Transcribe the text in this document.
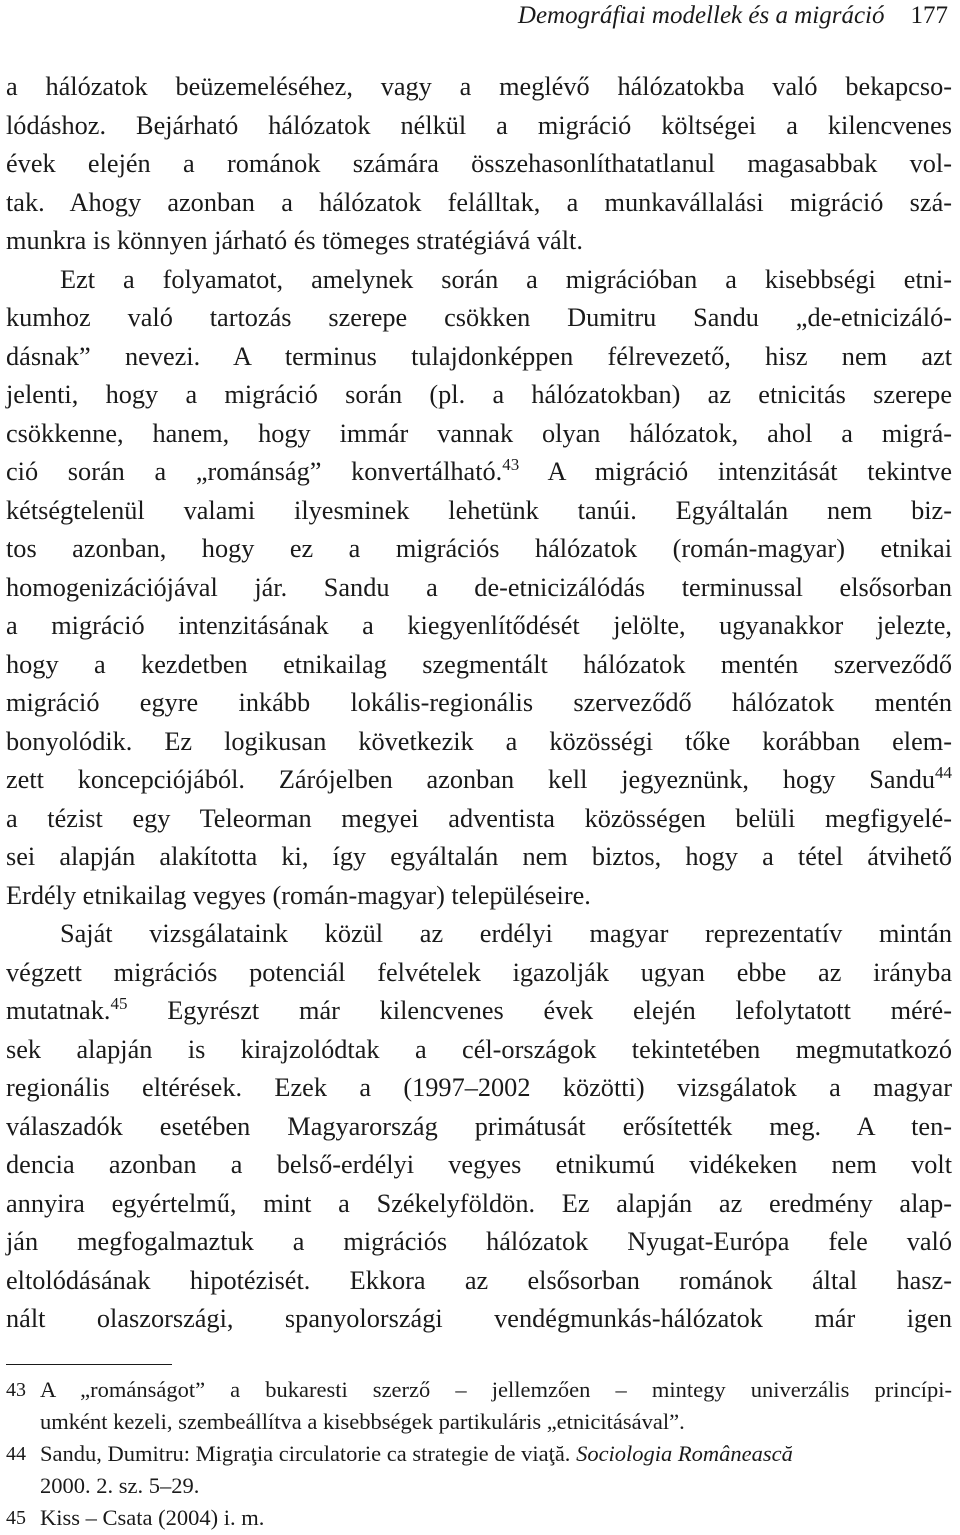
Demográfiai modellek és a migráció 177
a hálózatok beüzemeléséhez, vagy a meglévő hálózatokba való bekapcso-
lódáshoz. Bejárható hálózatok nélkül a migráció költségei a kilencvenes
évek elején a románok számára összehasonlíthatatlanul magasabbak vol-
tak. Ahogy azonban a hálózatok felálltak, a munkavállalási migráció szá-
munkra is könnyen járható és tömeges stratégiává vált.
Ezt a folyamatot, amelynek során a migrációban a kisebbségi etni-
kumhoz való tartozás szerepe csökken Dumitru Sandu „de-etnicizáló-
dásnak” nevezi. A terminus tulajdonképpen félrevezető, hisz nem azt
jelenti, hogy a migráció során (pl. a hálózatokban) az etnicitás szerepe
csökkenne, hanem, hogy immár vannak olyan hálózatok, ahol a migrá-
ció során a „románság” konvertálható.$^{43}$ A migráció intenzitását tekintve
kétségtelenül valami ilyesminek lehetünk tanúi. Egyáltalán nem biz-
tos azonban, hogy ez a migrációs hálózatok (román-magyar) etnikai
homogenizációjával jár. Sandu a de-etnicizálódás terminussal elsősorban
a migráció intenzitásának a kiegyenlítődését jelölte, ugyanakkor jelezte,
hogy a kezdetben etnikailag szegmentált hálózatok mentén szerveződő
migráció egyre inkább lokális-regionális szerveződő hálózatok mentén
bonyolódik. Ez logikusan következik a közösségi tőke korábban elem-
zett koncepciójából. Zárójelben azonban kell jegyeznünk, hogy Sandu$^{44}$
a tézist egy Teleorman megyei adventista közösségen belüli megfigyelé-
sei alapján alakította ki, így egyáltalán nem biztos, hogy a tétel átvihető
Erdély etnikailag vegyes (román-magyar) településeire.
Saját vizsgálataink közül az erdélyi magyar reprezentatív mintán
végzett migrációs potenciál felvételek igazolják ugyan ebbe az irányba
mutatnak.$^{45}$ Egyrészt már kilencvenes évek elején lefolytatott méré-
sek alapján is kirajzolódtak a cél-országok tekintetében megmutatkozó
regionális eltérések. Ezek a (1997–2002 közötti) vizsgálatok a magyar
válaszadók esetében Magyarország primátusát erősítették meg. A ten-
dencia azonban a belső-erdélyi vegyes etnikumú vidékeken nem volt
annyira egyértelmű, mint a Székelyföldön. Ez alapján az eredmény alap-
ján megfogalmaztuk a migrációs hálózatok Nyugat-Európa fele való
eltolódásának hipotézisét. Ekkora az elsősorban románok által hasz-
nált olaszországi, spanyolországi vendégmunkás-hálózatok már igen
43 A „románságot” a bukaresti szerző – jellemzően – mintegy univerzális princípi-
umként kezeli, szembeállítva a kisebbségek partikuláris „etnicitásával”.
44 Sandu, Dumitru: Migraţia circulatorie ca strategie de viaţă. Sociologia Românească
2000. 2. sz. 5–29.
45 Kiss – Csata (2004) i. m.
